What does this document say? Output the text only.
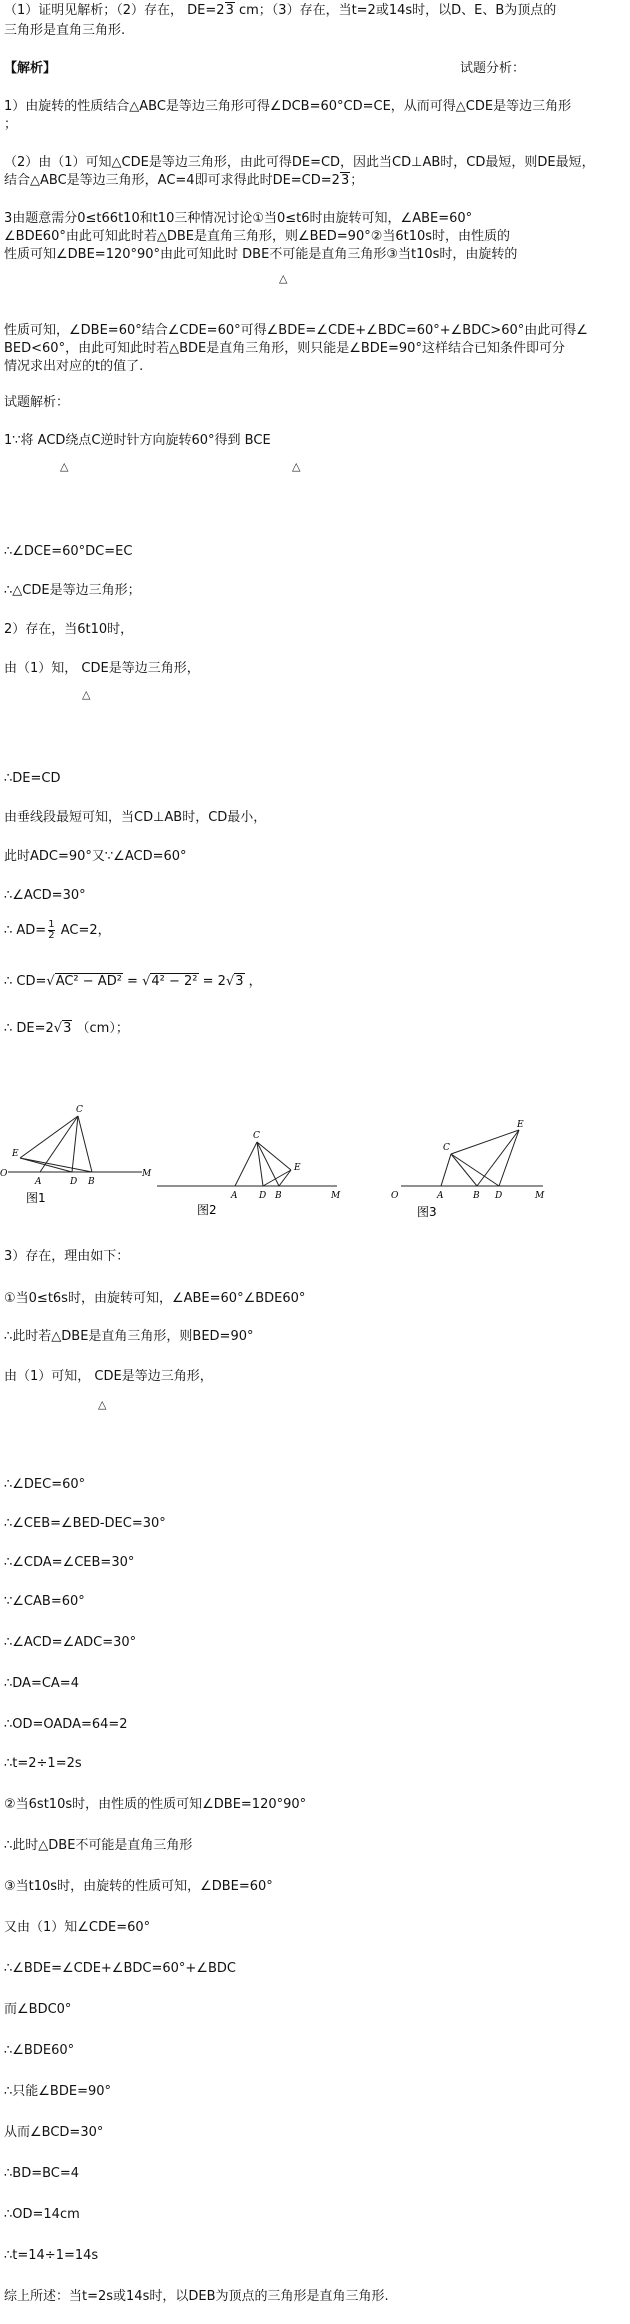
（1）证明见解析；（2）存在， DE=23 cm；（3）存在，当t=2或14s时，以D、E、B为顶点的
三角形是直角三角形.
【解析】	试题分析：
󠀠1）由旋转的性质结合△ABC是等边三角形可得∠DCB=60°󠀠CD=CE，从而可得△CDE是等边三角形
；
（2）由（1）可知△CDE是等边三角形，由此可得DE=CD，因此当CD⊥AB时，CD最短，则DE最短，
结合△ABC是等边三角形，AC=4即可求得此时DE=CD=23；
󠀠3󠀠由题意需分0≤t󠀠6󠀠6󠀠t󠀠10和t󠀠10三种情况讨论󠀠①当0≤t󠀠6时󠀠由旋转可知，∠ABE=60°󠀠
∠BDE󠀠60°󠀠由此可知󠀠此时若△DBE是直角三角形，则∠BED=90°󠀠②当6󠀠t󠀠10s时，由性质的
性质可知∠DBE=120°󠀠90°󠀠由此可知󠀠此时 DBE不可能是直角三角形󠀠③当t󠀠10s时，由旋转的
△
性质可知，∠DBE=60°结合∠CDE=60°可得∠BDE=∠CDE+∠BDC=60°+∠BDC>60°󠀠由此可得∠
BED<60°，由此可知此时若△BDE是直角三角形，则只能是∠BDE=90°󠀠这样结合已知条件即可分
情况求出对应的t的值了.
试题解析：
󠀠1󠀠∵将 ACD绕点C逆时针方向旋转60°得到 BCE󠀠
△	△
∴∠DCE=60°󠀠DC=EC󠀠
∴△CDE是等边三角形；
󠀠2）存在，当6󠀠t󠀠10时，
由（1）知， CDE是等边三角形，
△
∴DE=CD󠀠
由垂线段最短可知，当CD⊥AB时，CD最小，
此时󠀠ADC=90°󠀠又∵∠ACD=60°󠀠
∴∠ACD=30°󠀠
∴ $AD= \frac{1}{2} AC=2$，
∴ CD=√AC² − AD² = √4² − 2² = 2√3 ，
∴ DE=2√3 （cm）；
O
C
A	D B
E
M
图1
C
E
A D B	M
图2
O
C
E
A	B D	M
图3
󠀠3）存在，理由如下：
①当0≤t󠀠6s时，由旋转可知，∠ABE=60°󠀠∠BDE󠀠60°󠀠
∴此时若△DBE是直角三角形，则󠀠BED=90°󠀠
由（1）可知， CDE是等边三角形，
△
∴∠DEC=60°󠀠
∴∠CEB=∠BED-󠀠DEC=30°󠀠
∴∠CDA=∠CEB=30°󠀠
∵∠CAB=60°󠀠
∴∠ACD=∠ADC=30°󠀠
∴DA=CA=4󠀠
∴OD=OA󠀠DA=6󠀠4=2󠀠
∴t=2÷1=2󠀠s󠀠󠀠
②当6s󠀠t󠀠10s时，由性质的性质可知∠DBE=120°󠀠90°󠀠
∴此时△DBE不可能是直角三角形󠀠
③当t󠀠10s时，由旋转的性质可知，∠DBE=60°󠀠
又由（1）知∠CDE=60°󠀠
∴∠BDE=∠CDE+∠BDC=60°+∠BDC󠀠
而∠BDC󠀠0°󠀠
∴∠BDE󠀠60°󠀠
∴只能∠BDE=90°󠀠
从而∠BCD=30°󠀠
∴BD=BC=4󠀠
∴OD=14cm󠀠
∴t=14÷1=14󠀠s󠀠󠀠
综上所述：当t=2s或14s时，以D󠀠E󠀠B为顶点的三角形是直角三角形.
